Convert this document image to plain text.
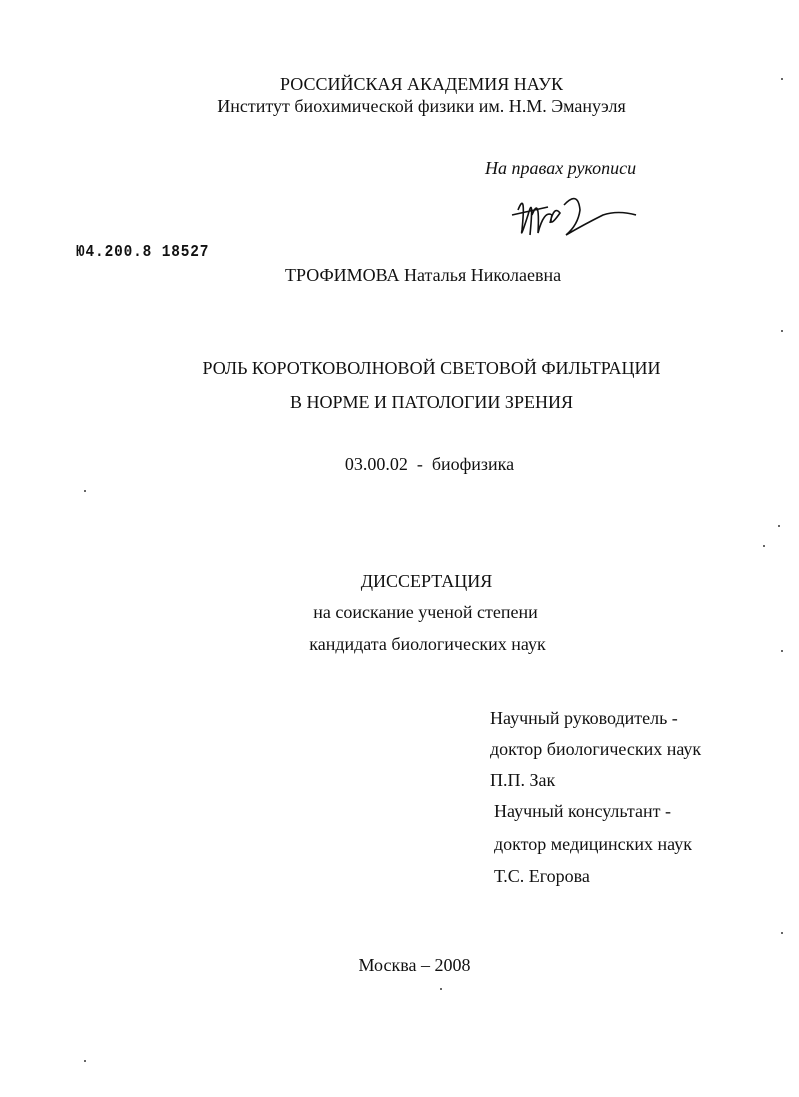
РОССИЙСКАЯ АКАДЕМИЯ НАУК
Институт биохимической физики им. Н.М. Эмануэля
На правах рукописи
Ю4.200.8 18527
ТРОФИМОВА Наталья Николаевна
РОЛЬ КОРОТКОВОЛНОВОЙ СВЕТОВОЙ ФИЛЬТРАЦИИ
В НОРМЕ И ПАТОЛОГИИ ЗРЕНИЯ
03.00.02  -  биофизика
ДИССЕРТАЦИЯ
на соискание ученой степени
кандидата биологических наук
Научный руководитель -
доктор биологических наук
П.П. Зак
Научный консультант -
доктор медицинских наук
Т.С. Егорова
Москва – 2008
